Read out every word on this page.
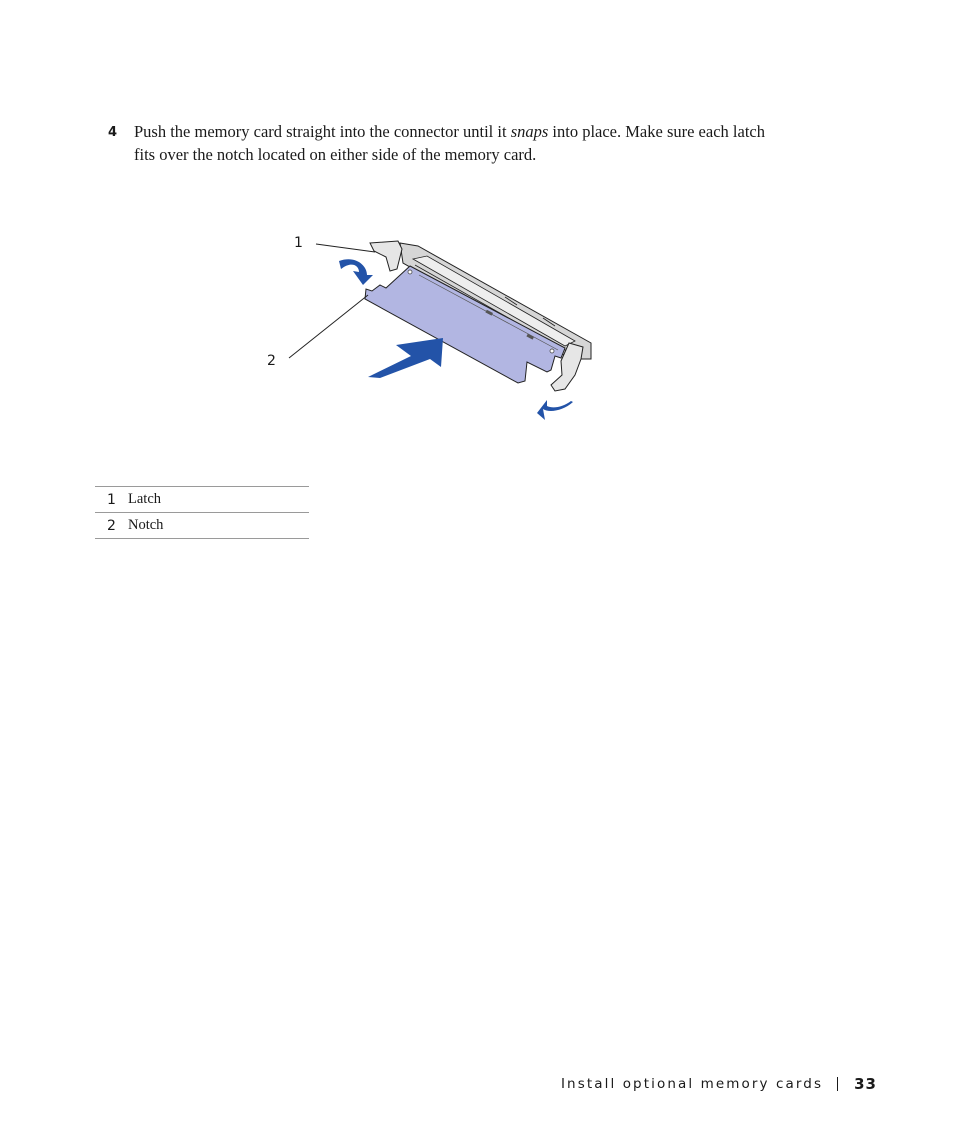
4 Push the memory card straight into the connector until it snaps into place. Make sure each latch fits over the notch located on either side of the memory card.
1
2
1	Latch
2	Notch
Install optional memory cards 33
